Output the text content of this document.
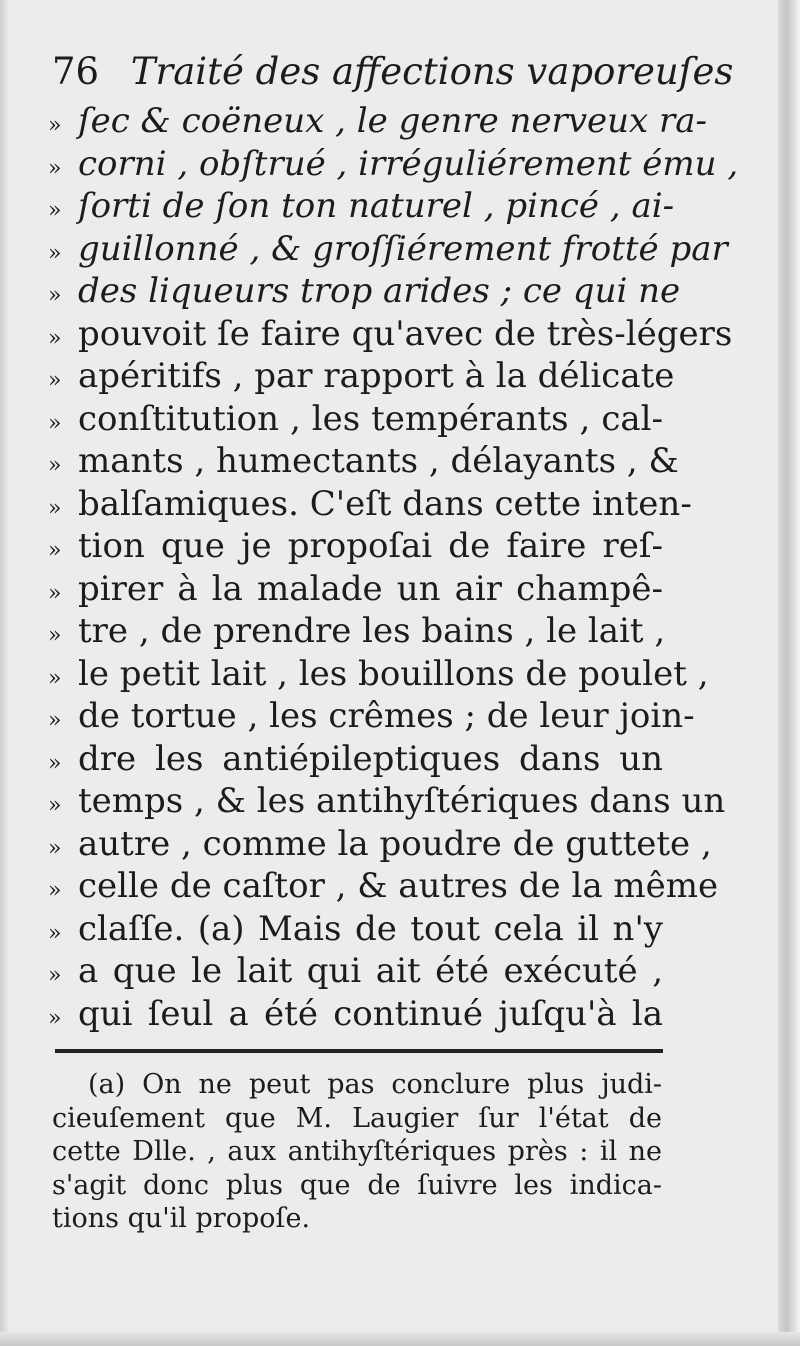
76 Traité des affections vaporeuſes
» ſec & coëneux , le genre nerveux ra-
» corni , obſtrué , irréguliérement ému ,
» ſorti de ſon ton naturel , pincé , ai-
» guillonné , & groſſiérement frotté par
» des liqueurs trop arides ; ce qui ne
» pouvoit ſe faire qu'avec de très-légers
» apéritifs , par rapport à la délicate
» conſtitution , les tempérants , cal-
» mants , humectants , délayants , &
» balſamiques. C'eſt dans cette inten-
» tion que je propoſai de faire reſ-
» pirer à la malade un air champê-
» tre , de prendre les bains , le lait ,
» le petit lait , les bouillons de poulet ,
» de tortue , les crêmes ; de leur join-
» dre les antiépileptiques dans un
» temps , & les antihyſtériques dans un
» autre , comme la poudre de guttete ,
» celle de caſtor , & autres de la même
» claſſe. (a) Mais de tout cela il n'y
» a que le lait qui ait été exécuté ,
» qui ſeul a été continué juſqu'à la
(a) On ne peut pas conclure plus judi-
cieuſement que M. Laugier ſur l'état de
cette Dlle. , aux antihyſtériques près : il ne
s'agit donc plus que de ſuivre les indica-
tions qu'il propoſe.
